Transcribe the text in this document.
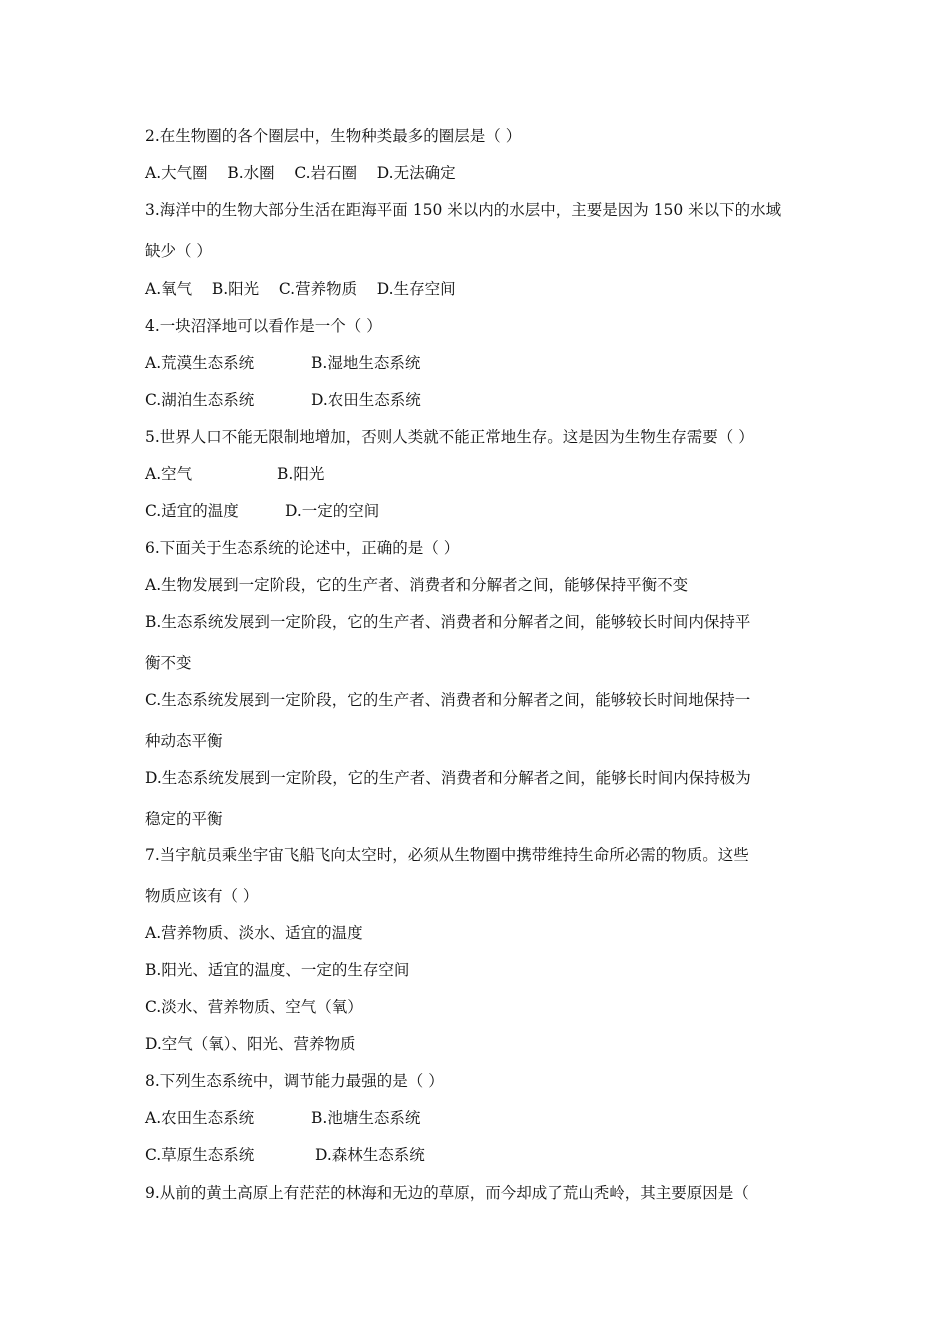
2.在生物圈的各个圈层中，生物种类最多的圈层是（ ）
A.大气圈    B.水圈    C.岩石圈    D.无法确定
3.海洋中的生物大部分生活在距海平面 150 米以内的水层中，主要是因为 150 米以下的水域
缺少（ ）
A.氧气    B.阳光    C.营养物质    D.生存空间
4.一块沼泽地可以看作是一个（ ）
A.荒漠生态系统	B.湿地生态系统
C.湖泊生态系统	D.农田生态系统
5.世界人口不能无限制地增加，否则人类就不能正常地生存。这是因为生物生存需要（ ）
A.空气	B.阳光
C.适宜的温度	D.一定的空间
6.下面关于生态系统的论述中，正确的是（ ）
A.生物发展到一定阶段，它的生产者、消费者和分解者之间，能够保持平衡不变
B.生态系统发展到一定阶段，它的生产者、消费者和分解者之间，能够较长时间内保持平
衡不变
C.生态系统发展到一定阶段，它的生产者、消费者和分解者之间，能够较长时间地保持一
种动态平衡
D.生态系统发展到一定阶段，它的生产者、消费者和分解者之间，能够长时间内保持极为
稳定的平衡
7.当宇航员乘坐宇宙飞船飞向太空时，必须从生物圈中携带维持生命所必需的物质。这些
物质应该有（ ）
A.营养物质、淡水、适宜的温度
B.阳光、适宜的温度、一定的生存空间
C.淡水、营养物质、空气（氧）
D.空气（氧）、阳光、营养物质
8.下列生态系统中，调节能力最强的是（ ）
A.农田生态系统	B.池塘生态系统
C.草原生态系统	D.森林生态系统
9.从前的黄土高原上有茫茫的林海和无边的草原，而今却成了荒山秃岭，其主要原因是（
